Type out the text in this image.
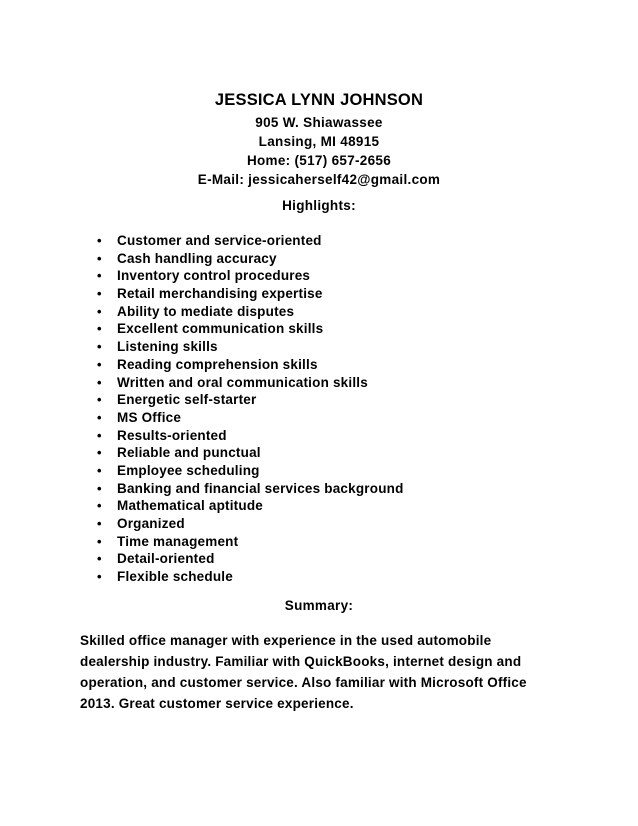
JESSICA LYNN JOHNSON
905 W. Shiawassee
Lansing, MI 48915
Home: (517) 657-2656
E-Mail: jessicaherself42@gmail.com
Highlights:
• Customer and service-oriented
• Cash handling accuracy
• Inventory control procedures
• Retail merchandising expertise
• Ability to mediate disputes
• Excellent communication skills
• Listening skills
• Reading comprehension skills
• Written and oral communication skills
• Energetic self-starter
• MS Office
• Results-oriented
• Reliable and punctual
• Employee scheduling
• Banking and financial services background
• Mathematical aptitude
• Organized
• Time management
• Detail-oriented
• Flexible schedule
Summary:

Skilled office manager with experience in the used automobile dealership industry. Familiar with QuickBooks, internet design and operation, and customer service. Also familiar with Microsoft Office 2013. Great customer service experience.
